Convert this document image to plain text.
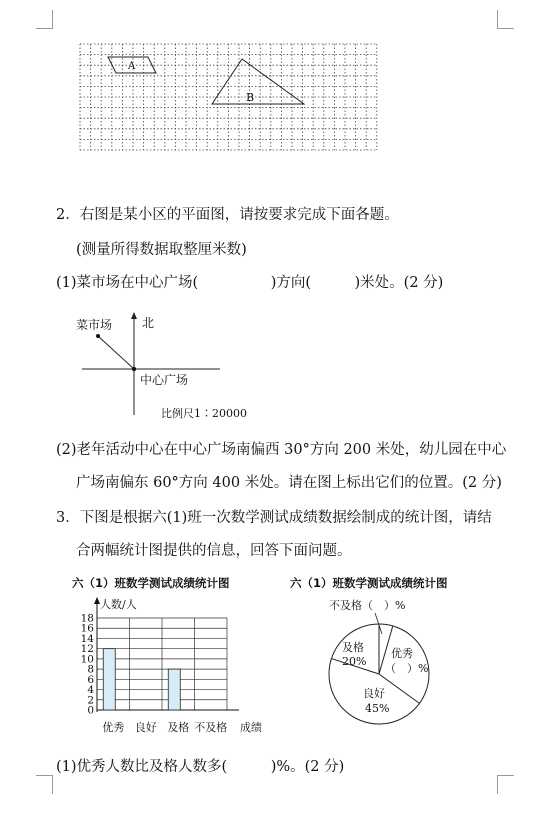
A
B
2．右图是某小区的平面图，请按要求完成下面各题。
(测量所得数据取整厘米数)
(1)菜市场在中心广场(　　　　　)方向(　　　)米处。(2 分)
菜市场 北
中心广场
比例尺1∶20000
(2)老年活动中心在中心广场南偏西 30°方向 200 米处，幼儿园在中心
广场南偏东 60°方向 400 米处。请在图上标出它们的位置。(2 分)
3．下图是根据六(1)班一次数学测试成绩数据绘制成的统计图，请结
合两幅统计图提供的信息，回答下面问题。
六（1）班数学测试成绩统计图
人数/人
成绩
0
2
4
6
8
10
12
14
16
18
优秀 良好 及格 不及格
六（1）班数学测试成绩统计图
不及格（　）%
优秀
（　）%
良好
45%
及格
20%
(1)优秀人数比及格人数多(　　　)%。(2 分)
